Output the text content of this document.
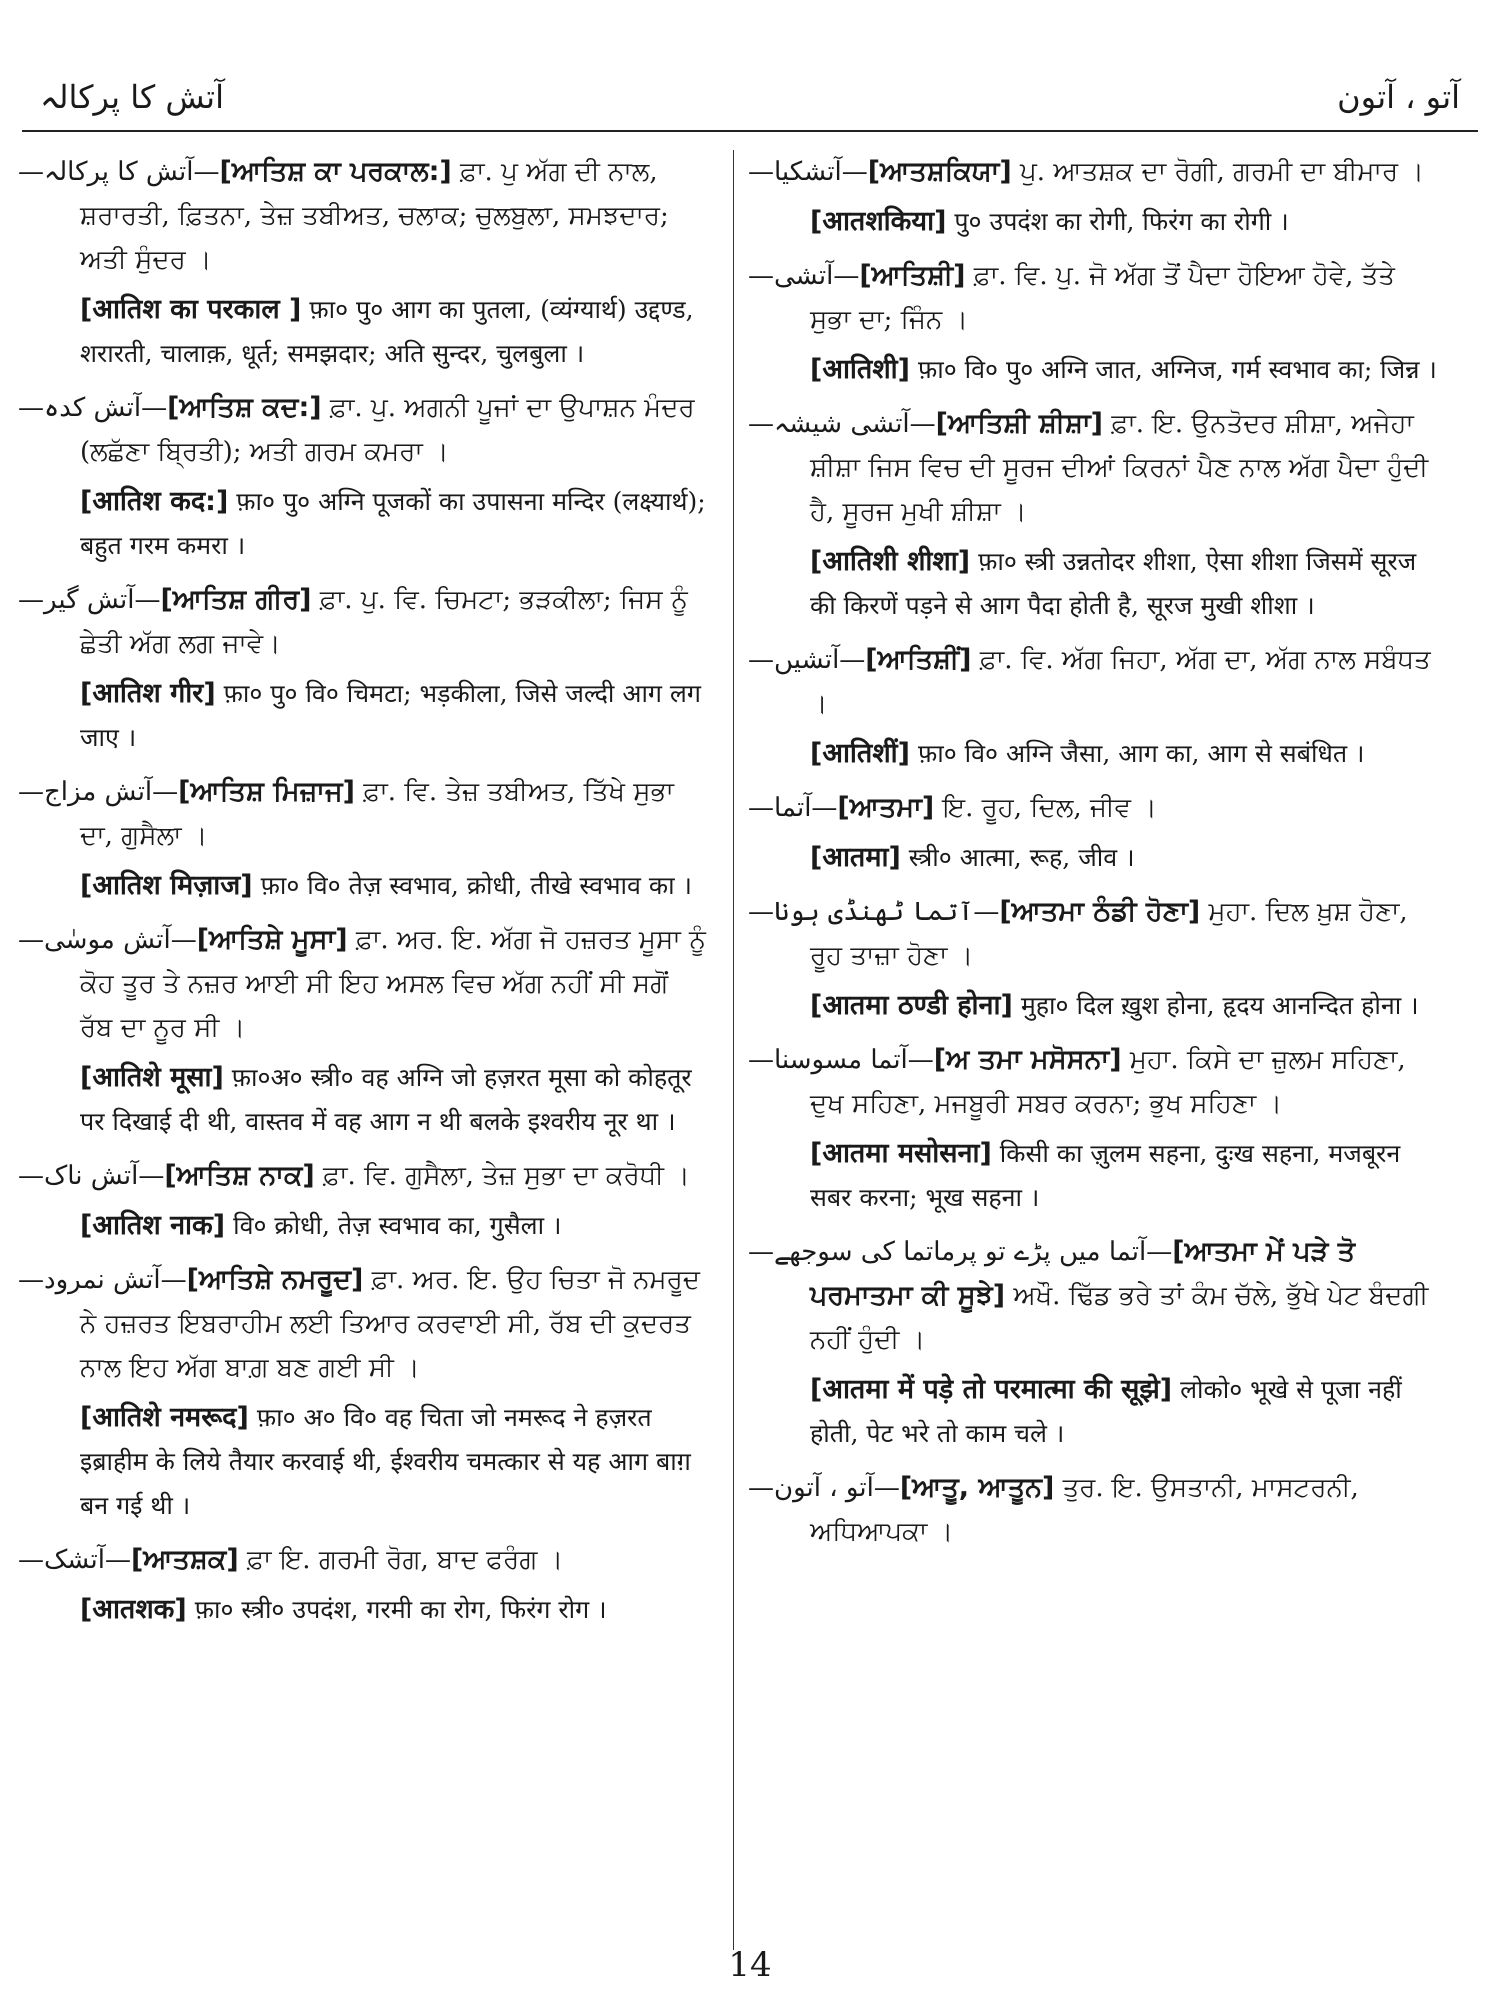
آتش کا پرکالہ	آتو ، آتون
—آتش کا پرکالہ—[ਆਤਿਸ਼ ਕਾ ਪਰਕਾਲ:] ਫ਼ਾ. ਪੁ ਅੱਗ ਦੀ ਨਾਲ, ਸ਼ਰਾਰਤੀ, ਫ਼ਿਤਨਾ, ਤੇਜ਼ ਤਬੀਅਤ, ਚਲਾਕ; ਚੁਲਬੁਲਾ, ਸਮਝਦਾਰ; ਅਤੀ ਸੁੰਦਰ ।
[आतिश का परकाल ] फ़ा० पु० आग का पुतला, (व्यंग्यार्थ) उद्दण्ड, शरारती, चालाक़, धूर्त; समझदार; अति सुन्दर, चुलबुला ।
—آتش کدہ—[ਆਤਿਸ਼ ਕਦ:] ਫ਼ਾ. ਪੁ. ਅਗਨੀ ਪੂਜਾਂ ਦਾ ਉਪਾਸ਼ਨ ਮੰਦਰ (ਲਛੱਣਾ ਬ੍ਰਿਤੀ); ਅਤੀ ਗਰਮ ਕਮਰਾ ।
[आतिश कद:] फ़ा० पु० अग्नि पूजकों का उपासना मन्दिर (लक्ष्यार्थ); बहुत गरम कमरा ।
—آتش گیر—[ਆਤਿਸ਼ ਗੀਰ] ਫ਼ਾ. ਪੁ. ਵਿ. ਚਿਮਟਾ; ਭੜਕੀਲਾ; ਜਿਸ ਨੂੰ ਛੇਤੀ ਅੱਗ ਲਗ ਜਾਵੇ।
[आतिश गीर] फ़ा० पु० वि० चिमटा; भड़कीला, जिसे जल्दी आग लग जाए ।
—آتش مزاج—[ਆਤਿਸ਼ ਮਿਜ਼ਾਜ] ਫ਼ਾ. ਵਿ. ਤੇਜ਼ ਤਬੀਅਤ, ਤਿੱਖੇ ਸੁਭਾ ਦਾ, ਗੁਸੈਲਾ ।
[आतिश मिज़ाज] फ़ा० वि० तेज़ स्वभाव, क्रोधी, तीखे स्वभाव का ।
—آتش موسٰی—[ਆਤਿਸ਼ੇ ਮੂਸਾ] ਫ਼ਾ. ਅਰ. ਇ. ਅੱਗ ਜੋ ਹਜ਼ਰਤ ਮੂਸਾ ਨੂੰ ਕੋਹ ਤੂਰ ਤੇ ਨਜ਼ਰ ਆਈ ਸੀ ਇਹ ਅਸਲ ਵਿਚ ਅੱਗ ਨਹੀਂ ਸੀ ਸਗੋਂ ਰੱਬ ਦਾ ਨੂਰ ਸੀ ।
[आतिशे मूसा] फ़ा०अ० स्त्री० वह अग्नि जो हज़रत मूसा को कोहतूर पर दिखाई दी थी, वास्तव में वह आग न थी बलके इश्वरीय नूर था ।
—آتش ناک—[ਆਤਿਸ਼ ਨਾਕ] ਫ਼ਾ. ਵਿ. ਗੁਸੈਲਾ, ਤੇਜ਼ ਸੁਭਾ ਦਾ ਕਰੋਧੀ ।
[आतिश नाक] वि० क्रोधी, तेज़ स्वभाव का, गुसैला ।
—آتش نمرود—[ਆਤਿਸ਼ੇ ਨਮਰੂਦ] ਫ਼ਾ. ਅਰ. ਇ. ਉਹ ਚਿਤਾ ਜੋ ਨਮਰੂਦ ਨੇ ਹਜ਼ਰਤ ਇਬਰਾਹੀਮ ਲਈ ਤਿਆਰ ਕਰਵਾਈ ਸੀ, ਰੱਬ ਦੀ ਕੁਦਰਤ ਨਾਲ ਇਹ ਅੱਗ ਬਾਗ਼ ਬਣ ਗਈ ਸੀ ।
[आतिशे नमरूद] फ़ा० अ० वि० वह चिता जो नमरूद ने हज़रत इब्राहीम के लिये तैयार करवाई थी, ईश्वरीय चमत्कार से यह आग बाग़ बन गई थी ।
—آتشک—[ਆਤਸ਼ਕ] ਫ਼ਾ ਇ. ਗਰਮੀ ਰੋਗ, ਬਾਦ ਫਰੰਗ ।
[आतशक] फ़ा० स्त्री० उपदंश, गरमी का रोग, फिरंग रोग ।
—آتشکیا—[ਆਤਸ਼ਕਿਯਾ] ਪੁ. ਆਤਸ਼ਕ ਦਾ ਰੋਗੀ, ਗਰਮੀ ਦਾ ਬੀਮਾਰ ।
[आतशकिया] पु० उपदंश का रोगी, फिरंग का रोगी ।
—آتشی—[ਆਤਿਸ਼ੀ] ਫ਼ਾ. ਵਿ. ਪੁ. ਜੋ ਅੱਗ ਤੋਂ ਪੈਦਾ ਹੋਇਆ ਹੋਵੇ, ਤੱਤੇ ਸੁਭਾ ਦਾ; ਜਿੰਨ ।
[आतिशी] फ़ा० वि० पु० अग्नि जात, अग्निज, गर्म स्वभाव का; जिन्न ।
—آتشی شیشہ—[ਆਤਿਸ਼ੀ ਸ਼ੀਸ਼ਾ] ਫ਼ਾ. ਇ. ਉਨਤੋਦਰ ਸ਼ੀਸ਼ਾ, ਅਜੇਹਾ ਸ਼ੀਸ਼ਾ ਜਿਸ ਵਿਚ ਦੀ ਸੂਰਜ ਦੀਆਂ ਕਿਰਨਾਂ ਪੈਣ ਨਾਲ ਅੱਗ ਪੈਦਾ ਹੁੰਦੀ ਹੈ, ਸੂਰਜ ਮੁਖੀ ਸ਼ੀਸ਼ਾ ।
[आतिशी शीशा] फ़ा० स्त्री उन्नतोदर शीशा, ऐसा शीशा जिसमें सूरज की किरणें पड़ने से आग पैदा होती है, सूरज मुखी शीशा ।
—آتشیں—[ਆਤਿਸ਼ੀਂ] ਫ਼ਾ. ਵਿ. ਅੱਗ ਜਿਹਾ, ਅੱਗ ਦਾ, ਅੱਗ ਨਾਲ ਸਬੰਧਤ ।
[आतिशीं] फ़ा० वि० अग्नि जैसा, आग का, आग से सबंधित ।
—آتما—[ਆਤਮਾ] ਇ. ਰੂਹ, ਦਿਲ, ਜੀਵ ।
[आतमा] स्त्री० आत्मा, रूह, जीव ।
—آتما ٹھنڈی ہونا—[ਆਤਮਾ ਠੰਡੀ ਹੋਣਾ] ਮੁਹਾ. ਦਿਲ ਖ਼ੁਸ਼ ਹੋਣਾ, ਰੂਹ ਤਾਜ਼ਾ ਹੋਣਾ ।
[आतमा ठण्डी होना] मुहा० दिल ख़ुश होना, हृदय आनन्दित होना ।
—آتما مسوسنا—[ਅ ਤਮਾ ਮਸੋਸਨਾ] ਮੁਹਾ. ਕਿਸੇ ਦਾ ਜ਼ੁਲਮ ਸਹਿਣਾ, ਦੁਖ ਸਹਿਣਾ, ਮਜਬੂਰੀ ਸਬਰ ਕਰਨਾ; ਭੁਖ ਸਹਿਣਾ ।
[आतमा मसोसना] किसी का ज़ुलम सहना, दुःख सहना, मजबूरन सबर करना; भूख सहना ।
—آتما میں پڑے تو پرماتما کی سوجھے—[ਆਤਮਾ ਮੇਂ ਪੜੇ ਤੋ ਪਰਮਾਤਮਾ ਕੀ ਸੂਝੇ] ਅਖੌ. ਢਿੱਡ ਭਰੇ ਤਾਂ ਕੰਮ ਚੱਲੇ, ਭੁੱਖੇ ਪੇਟ ਬੰਦਗੀ ਨਹੀਂ ਹੁੰਦੀ ।
[आतमा में पड़े तो परमात्मा की सूझे] लोको० भूखे से पूजा नहीं होती, पेट भरे तो काम चले ।
—آتو ، آتون—[ਆਤੂ, ਆਤੂਨ] ਤੁਰ. ਇ. ਉਸਤਾਨੀ, ਮਾਸਟਰਨੀ, ਅਧਿਆਪਕਾ ।
14
